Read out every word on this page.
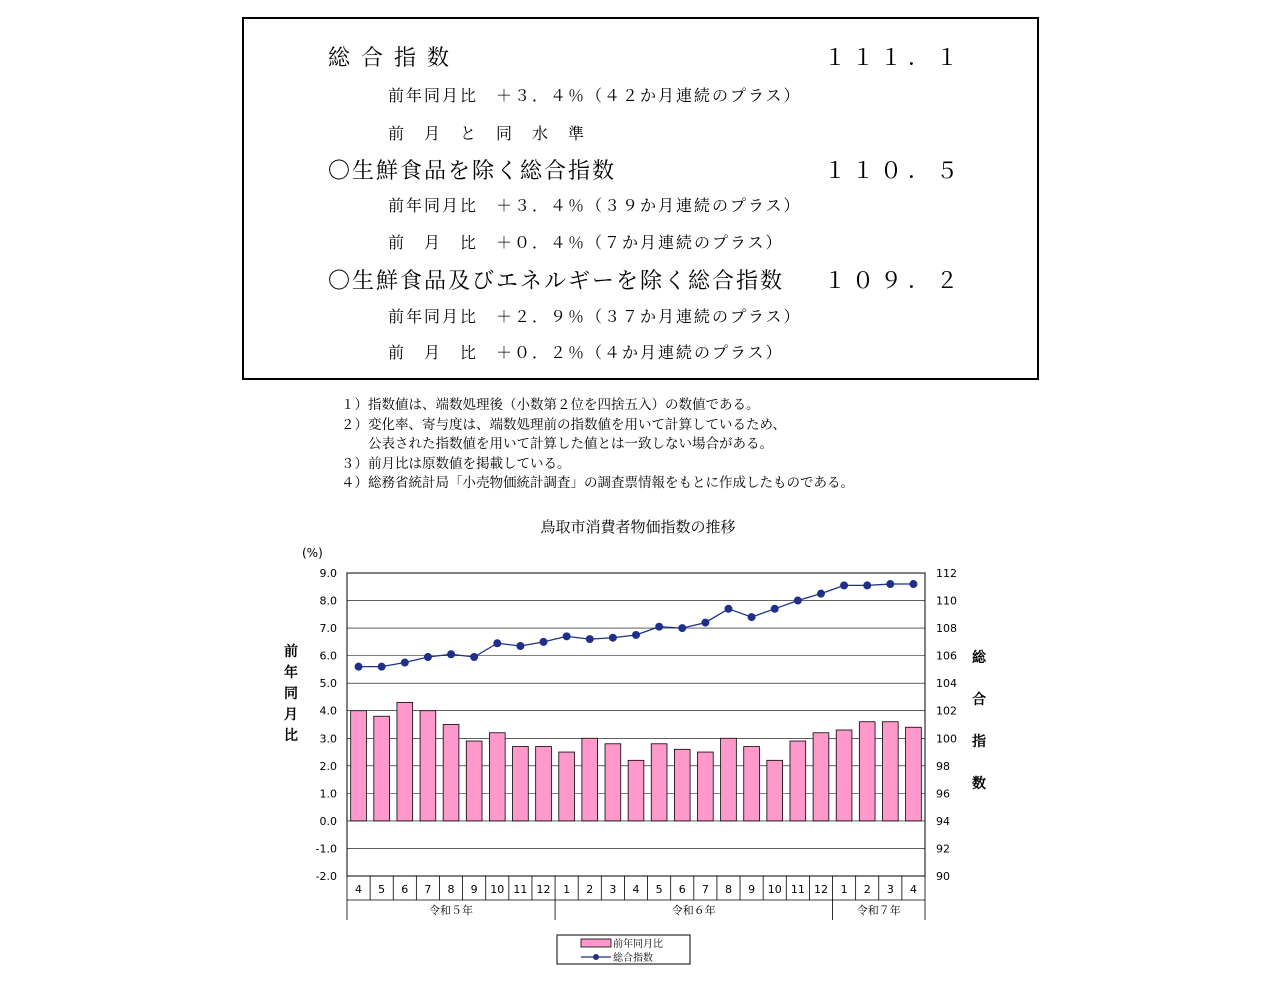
総 合 指 数	１１１．１
前年同月比　＋３．４％（４２か月連続のプラス）
前　月　と　同　水　準
〇生鮮食品を除く総合指数	１１０．５
前年同月比　＋３．４％（３９か月連続のプラス）
前　月　比　＋０．４％（７か月連続のプラス）
〇生鮮食品及びエネルギーを除く総合指数 １０９．２
前年同月比　＋２．９％（３７か月連続のプラス）
前　月　比　＋０．２％（４か月連続のプラス）
１）指数値は、端数処理後（小数第２位を四捨五入）の数値である。
２）変化率、寄与度は、端数処理前の指数値を用いて計算しているため、
　　公表された指数値を用いて計算した値とは一致しない場合がある。
３）前月比は原数値を掲載している。
４）総務省統計局「小売物価統計調査」の調査票情報をもとに作成したものである。
鳥取市消費者物価指数の推移
(%)
9.0
8.0
7.0
6.0
5.0
4.0
3.0
2.0
1.0
0.0
-1.0
-2.0
112
110
108
106
104
102
100
98
96
94
92
90
4 5 6 7 8 9 10 11 12 1 2 3 4 5 6 7 8 9 10 11 12 1 2 3 4
令和５年	令和６年	令和７年
前
年
同
月
比
総
合
指
数
前年同月比
総合指数
